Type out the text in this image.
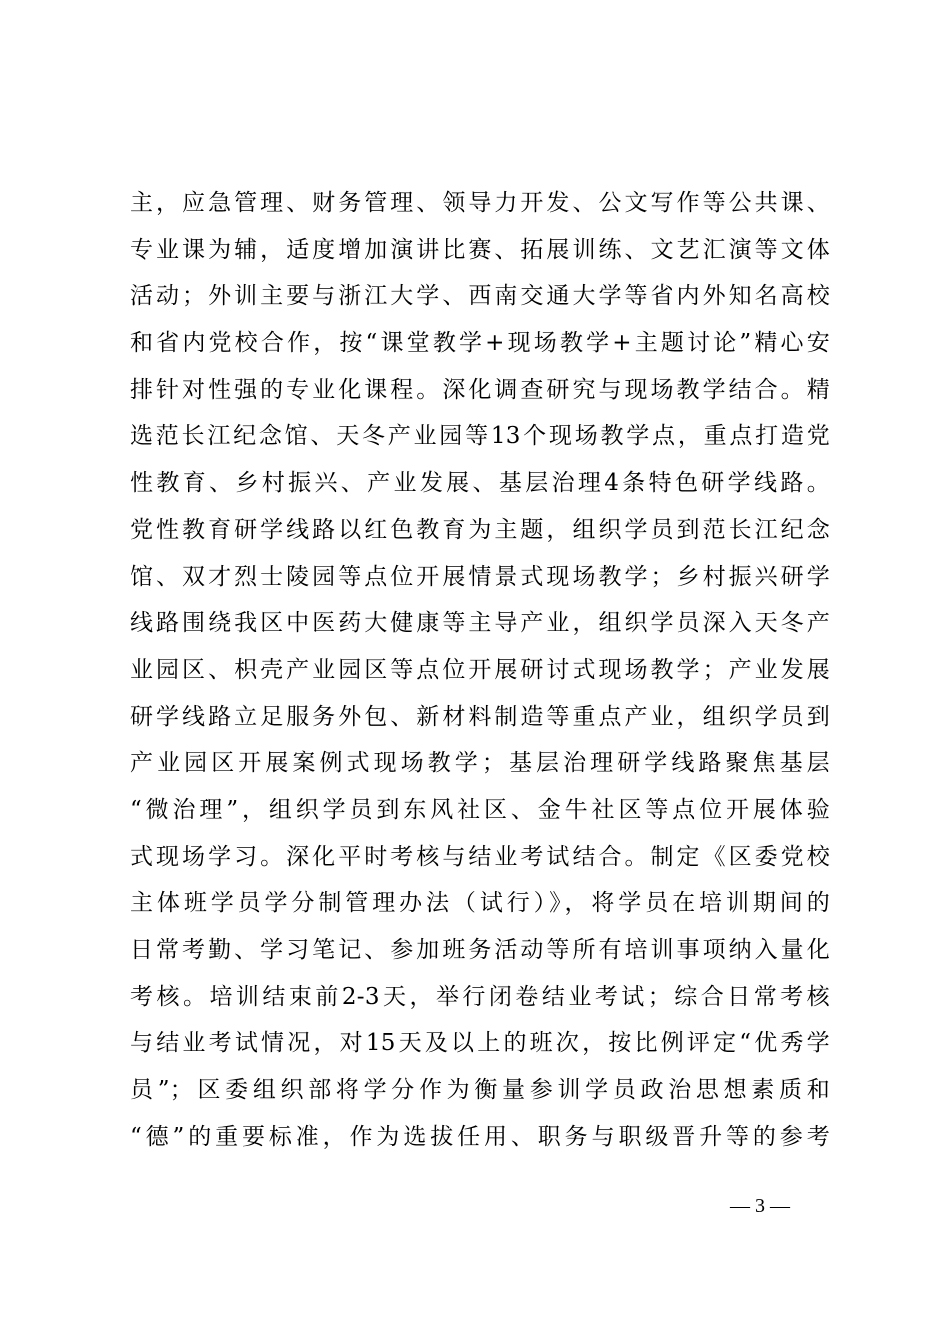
主，应急管理、财务管理、领导力开发、公文写作等公共课、
专业课为辅，适度增加演讲比赛、拓展训练、文艺汇演等文体
活动；外训主要与浙江大学、西南交通大学等省内外知名高校
和省内党校合作，按“课堂教学+现场教学+主题讨论”精心安
排针对性强的专业化课程。深化调查研究与现场教学结合。精
选范长江纪念馆、天冬产业园等13个现场教学点，重点打造党
性教育、乡村振兴、产业发展、基层治理4条特色研学线路。
党性教育研学线路以红色教育为主题，组织学员到范长江纪念
馆、双才烈士陵园等点位开展情景式现场教学；乡村振兴研学
线路围绕我区中医药大健康等主导产业，组织学员深入天冬产
业园区、枳壳产业园区等点位开展研讨式现场教学；产业发展
研学线路立足服务外包、新材料制造等重点产业，组织学员到
产业园区开展案例式现场教学；基层治理研学线路聚焦基层
“微治理”，组织学员到东风社区、金牛社区等点位开展体验
式现场学习。深化平时考核与结业考试结合。制定《区委党校
主体班学员学分制管理办法（试行）》，将学员在培训期间的
日常考勤、学习笔记、参加班务活动等所有培训事项纳入量化
考核。培训结束前2-3天，举行闭卷结业考试；综合日常考核
与结业考试情况，对15天及以上的班次，按比例评定“优秀学
员”；区委组织部将学分作为衡量参训学员政治思想素质和
“德”的重要标准，作为选拔任用、职务与职级晋升等的参考
— 3 —
